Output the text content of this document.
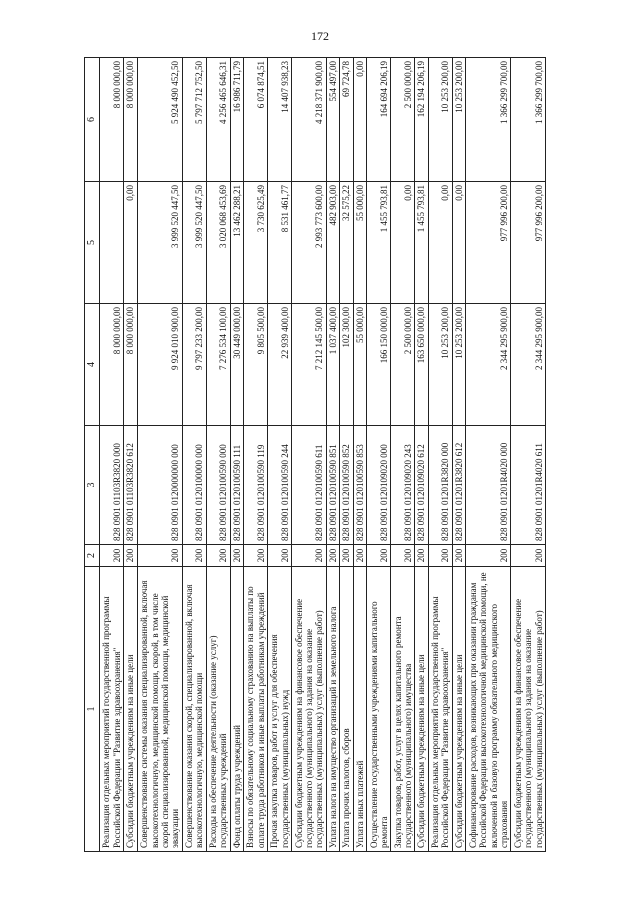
172
1	2	3	4	5	6
Реализация отдельных мероприятий государственной программы Российской Федерации "Развитие здравоохранения"	200	828 0901 01103R3820 000	8 000 000,00		8 000 000,00
Субсидии бюджетным учреждениям на иные цели	200	828 0901 01103R3820 612	8 000 000,00	0,00	8 000 000,00
Совершенствование системы оказания специализированной, включая высокотехнологичную, медицинской помощи, скорой, в том числе скорой специализированной, медицинской помощи, медицинской эвакуации	200	828 0901 0120000000 000	9 924 010 900,00	3 999 520 447,50	5 924 490 452,50
Совершенствование оказания скорой, специализированной, включая высокотехнологичную, медицинской помощи	200	828 0901 0120100000 000	9 797 233 200,00	3 999 520 447,50	5 797 712 752,50
Расходы на обеспечение деятельности (оказание услуг) государственных учреждений	200	828 0901 0120100590 000	7 276 534 100,00	3 020 068 453,69	4 256 465 646,31
Фонд оплаты труда учреждений	200	828 0901 0120100590 111	30 449 000,00	13 462 288,21	16 986 711,79
Взносы по обязательному социальному страхованию на выплаты по оплате труда работников и иные выплаты работникам учреждений	200	828 0901 0120100590 119	9 805 500,00	3 730 625,49	6 074 874,51
Прочая закупка товаров, работ и услуг для обеспечения государственных (муниципальных) нужд	200	828 0901 0120100590 244	22 939 400,00	8 531 461,77	14 407 938,23
Субсидии бюджетным учреждениям на финансовое обеспечение государственного (муниципального) задания на оказание государственных (муниципальных) услуг (выполнение работ)	200	828 0901 0120100590 611	7 212 145 500,00	2 993 773 600,00	4 218 371 900,00
Уплата налога на имущество организаций и земельного налога	200	828 0901 0120100590 851	1 037 400,00	482 903,00	554 497,00
Уплата прочих налогов, сборов	200	828 0901 0120100590 852	102 300,00	32 575,22	69 724,78
Уплата иных платежей	200	828 0901 0120100590 853	55 000,00	55 000,00	0,00
Осуществление государственными учреждениями капитального ремонта	200	828 0901 0120109020 000	166 150 000,00	1 455 793,81	164 694 206,19
Закупка товаров, работ, услуг в целях капитального ремонта государственного (муниципального) имущества	200	828 0901 0120109020 243	2 500 000,00	0,00	2 500 000,00
Субсидии бюджетным учреждениям на иные цели	200	828 0901 0120109020 612	163 650 000,00	1 455 793,81	162 194 206,19
Реализация отдельных мероприятий государственной программы Российской Федерации "Развитие здравоохранения"	200	828 0901 01201R3820 000	10 253 200,00	0,00	10 253 200,00
Субсидии бюджетным учреждениям на иные цели	200	828 0901 01201R3820 612	10 253 200,00	0,00	10 253 200,00
Софинансирование расходов, возникающих при оказании гражданам Российской Федерации высокотехнологичной медицинской помощи, не включенной в базовую программу обязательного медицинского страхования	200	828 0901 01201R4020 000	2 344 295 900,00	977 996 200,00	1 366 299 700,00
Субсидии бюджетным учреждениям на финансовое обеспечение государственного (муниципального) задания на оказание государственных (муниципальных) услуг (выполнение работ)	200	828 0901 01201R4020 611	2 344 295 900,00	977 996 200,00	1 366 299 700,00
